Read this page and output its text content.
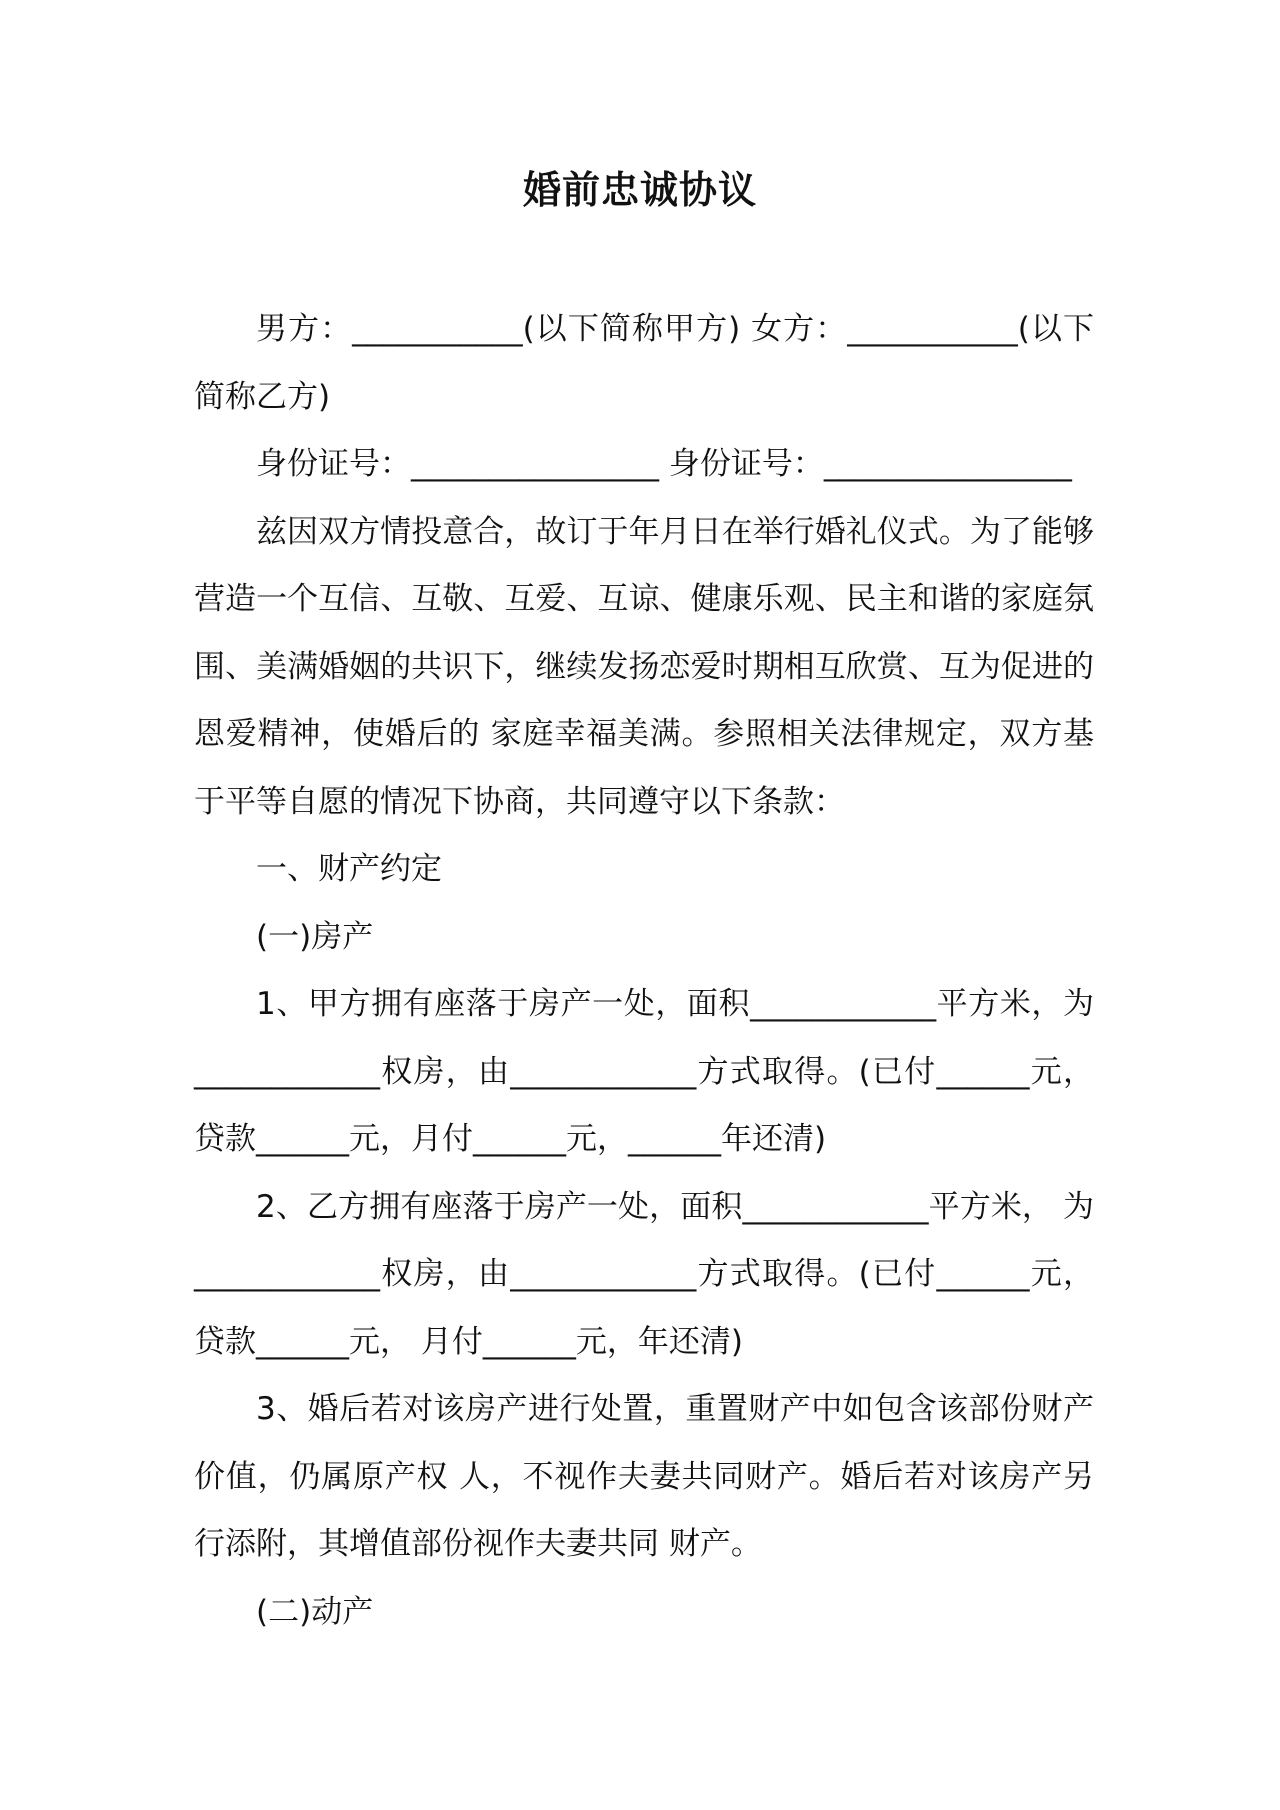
婚前忠诚协议

男方：___________(以下简称甲方) 女方：___________(以下简称乙方)

身份证号：________________ 身份证号：________________

兹因双方情投意合，故订于年月日在举行婚礼仪式。为了能够营造一个互信、互敬、互爱、互谅、健康乐观、民主和谐的家庭氛围、美满婚姻的共识下，继续发扬恋爱时期相互欣赏、互为促进的恩爱精神，使婚后的 家庭幸福美满。参照相关法律规定，双方基于平等自愿的情况下协商，共同遵守以下条款：

一、财产约定

(一)房产

1、甲方拥有座落于房产一处，面积____________平方米，为____________权房，由____________方式取得。(已付______元，贷款______元，月付______元，______年还清)

2、乙方拥有座落于房产一处，面积____________平方米， 为____________权房，由____________方式取得。(已付______元，贷款______元， 月付______元，年还清)

3、婚后若对该房产进行处置，重置财产中如包含该部份财产价值，仍属原产权 人，不视作夫妻共同财产。婚后若对该房产另行添附，其增值部份视作夫妻共同 财产。

(二)动产
